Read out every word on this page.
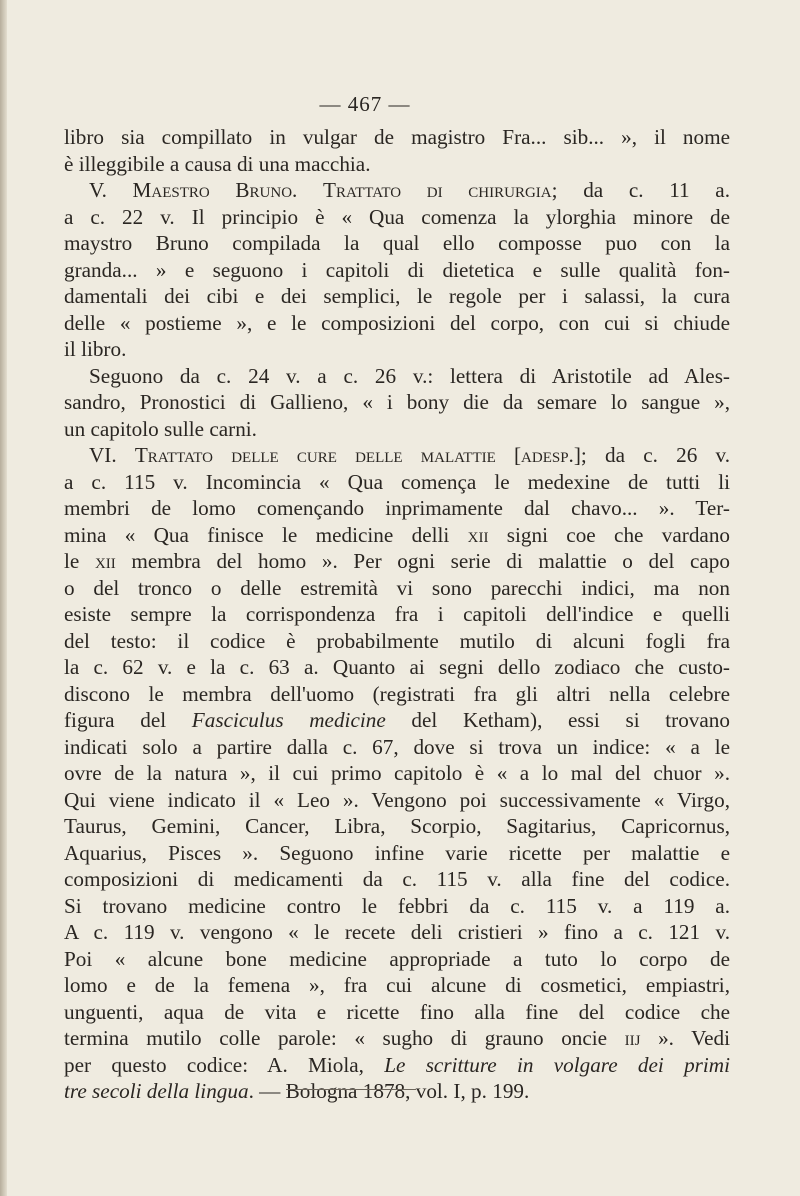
— 467 —
libro sia compillato in vulgar de magistro Fra... sib... », il nome
è illeggibile a causa di una macchia.
V. Maestro Bruno. Trattato di chirurgia; da c. 11 a.
a c. 22 v. Il principio è « Qua comenza la ylorghia minore de
maystro Bruno compilada la qual ello composse puo con la
granda... » e seguono i capitoli di dietetica e sulle qualità fon-
damentali dei cibi e dei semplici, le regole per i salassi, la cura
delle « postieme », e le composizioni del corpo, con cui si chiude
il libro.
Seguono da c. 24 v. a c. 26 v.: lettera di Aristotile ad Ales-
sandro, Pronostici di Gallieno, « i bony die da semare lo sangue »,
un capitolo sulle carni.
VI. Trattato delle cure delle malattie [adesp.]; da c. 26 v.
a c. 115 v. Incomincia « Qua començа le medexine de tutti li
membri de lomo començando inprimamente dal chavo... ». Ter-
mina « Qua finisce le medicine delli xii signi coe che vardano
le xii membra del homo ». Per ogni serie di malattie o del capo
o del tronco o delle estremità vi sono parecchi indici, ma non
esiste sempre la corrispondenza fra i capitoli dell'indice e quelli
del testo: il codice è probabilmente mutilo di alcuni fogli fra
la c. 62 v. e la c. 63 a. Quanto ai segni dello zodiaco che custo-
discono le membra dell'uomo (registrati fra gli altri nella celebre
figura del Fasciculus medicine del Ketham), essi si trovano
indicati solo a partire dalla c. 67, dove si trova un indice: « a le
ovre de la natura », il cui primo capitolo è « a lo mal del chuor ».
Qui viene indicato il « Leo ». Vengono poi successivamente « Virgo,
Taurus, Gemini, Cancer, Libra, Scorpio, Sagitarius, Capricornus,
Aquarius, Pisces ». Seguono infine varie ricette per malattie e
composizioni di medicamenti da c. 115 v. alla fine del codice.
Si trovano medicine contro le febbri da c. 115 v. a 119 a.
A c. 119 v. vengono « le recete deli cristieri » fino a c. 121 v.
Poi « alcune bone medicine appropriade a tuto lo corpo de
lomo e de la femena », fra cui alcune di cosmetici, empiastri,
unguenti, aqua de vita e ricette fino alla fine del codice che
termina mutilo colle parole: « sugho di grauno oncie iij ». Vedi
per questo codice: A. Miola, Le scritture in volgare dei primi
tre secoli della lingua. — Bologna 1878, vol. I, p. 199.
